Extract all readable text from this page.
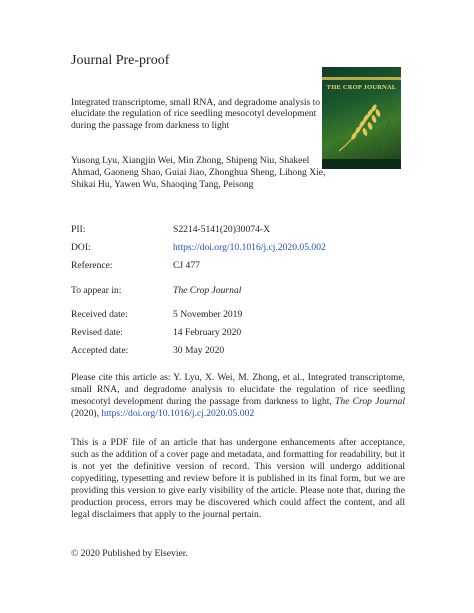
Journal Pre-proof
THE CROP JOURNAL
Integrated transcriptome, small RNA, and degradome analysis to elucidate the regulation of rice seedling mesocotyl development during the passage from darkness to light
Yusong Lyu, Xiangjin Wei, Min Zhong, Shipeng Niu, Shakeel Ahmad, Gaoneng Shao, Guiai Jiao, Zhonghua Sheng, Lihong Xie, Shikai Hu, Yawen Wu, Shaoqing Tang, Peisong
PII:	S2214-5141(20)30074-X
DOI:	https://doi.org/10.1016/j.cj.2020.05.002
Reference:	CJ 477
To appear in:	The Crop Journal
Received date:	5 November 2019
Revised date:	14 February 2020
Accepted date:	30 May 2020
Please cite this article as: Y. Lyu, X. Wei, M. Zhong, et al., Integrated transcriptome, small RNA, and degradome analysis to elucidate the regulation of rice seedling mesocotyl development during the passage from darkness to light, The Crop Journal (2020), https://doi.org/10.1016/j.cj.2020.05.002
This is a PDF file of an article that has undergone enhancements after acceptance, such as the addition of a cover page and metadata, and formatting for readability, but it is not yet the definitive version of record. This version will undergo additional copyediting, typesetting and review before it is published in its final form, but we are providing this version to give early visibility of the article. Please note that, during the production process, errors may be discovered which could affect the content, and all legal disclaimers that apply to the journal pertain.
© 2020 Published by Elsevier.
